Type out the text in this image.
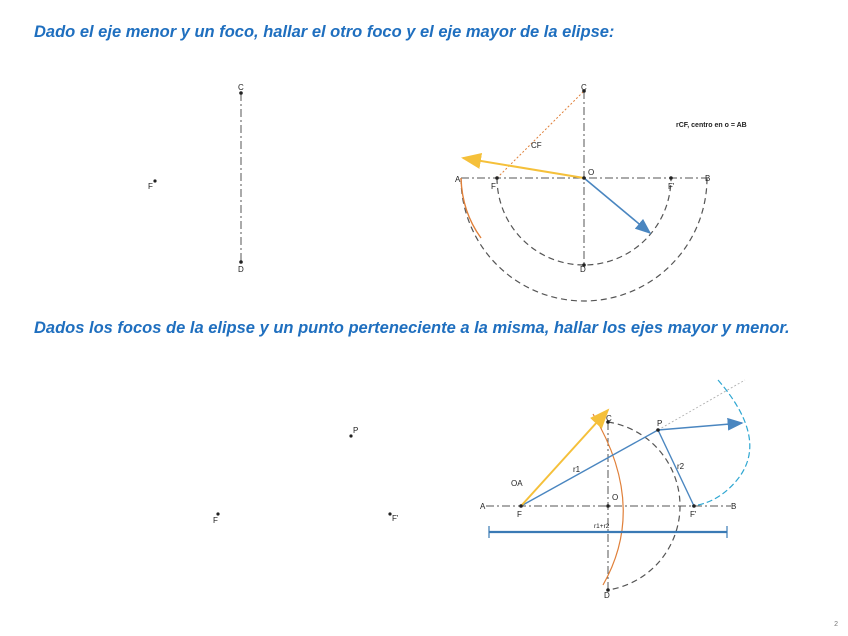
Dado el eje menor y un foco, hallar el otro foco y el eje mayor de la elipse:

Dados los focos de la elipse y un punto perteneciente a la misma, hallar los ejes mayor y menor.

C
D
F
C
D
O
A	B
F	F'
CF
rCF, centro en o = AB
P
F	F'
C
D
O
A	B
F	F'
P
r1	r2
r1+r2
OA
2
